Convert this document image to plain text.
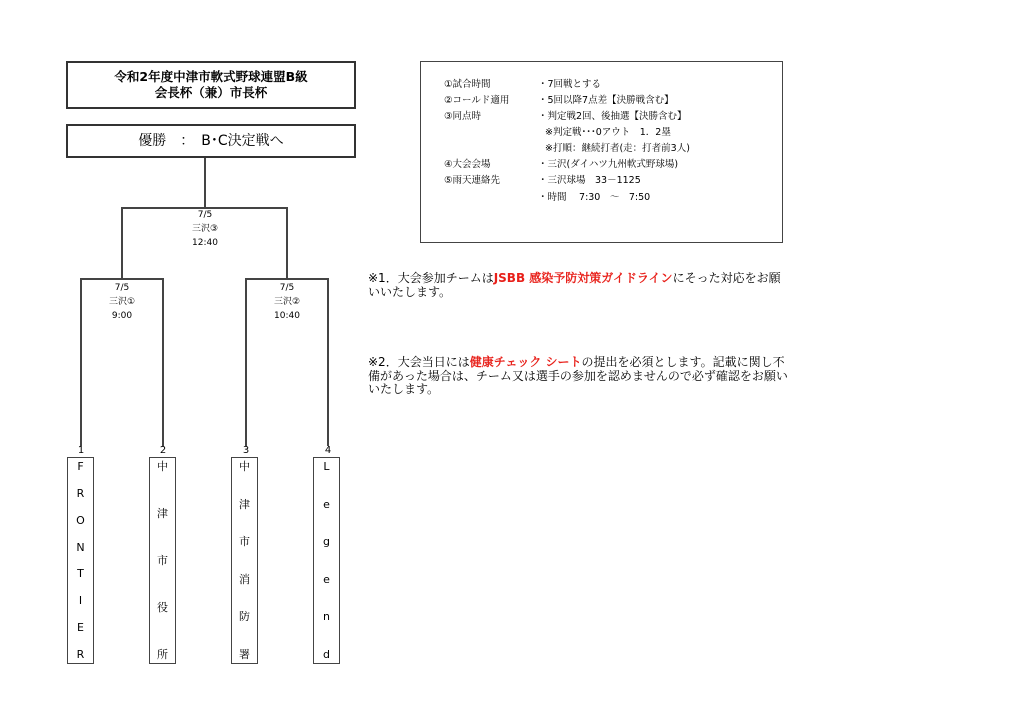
令和2年度中津市軟式野球連盟B級
会長杯（兼）市長杯
優勝　：　B･C決定戦へ
7/5
三沢③
12:40
7/5
三沢①
9:00
7/5
三沢②
10:40
1	2	3	4
F
R
O
N
T
I
E
R
中
津
市
役
所
中
津
市
消
防
署
L
e
g
e
n
d
①試合時間	・7回戦とする
②コールド適用	・5回以降7点差【決勝戦含む】
③同点時	・判定戦2回、後抽選【決勝含む】
※判定戦･･･0アウト　1．2塁
※打順：継続打者(走：打者前3人)
④大会会場	・三沢(ダイハツ九州軟式野球場)
⑤雨天連絡先	・三沢球場　33－1125
・時間　 7:30　～　7:50
※1．大会参加チームはJSBB 感染予防対策ガイドラインにそった対応をお願いいたします。
※2．大会当日には健康チェック シートの提出を必須とします。記載に関し不備があった場合は、チーム又は選手の参加を認めませんので必ず確認をお願いいたします。
